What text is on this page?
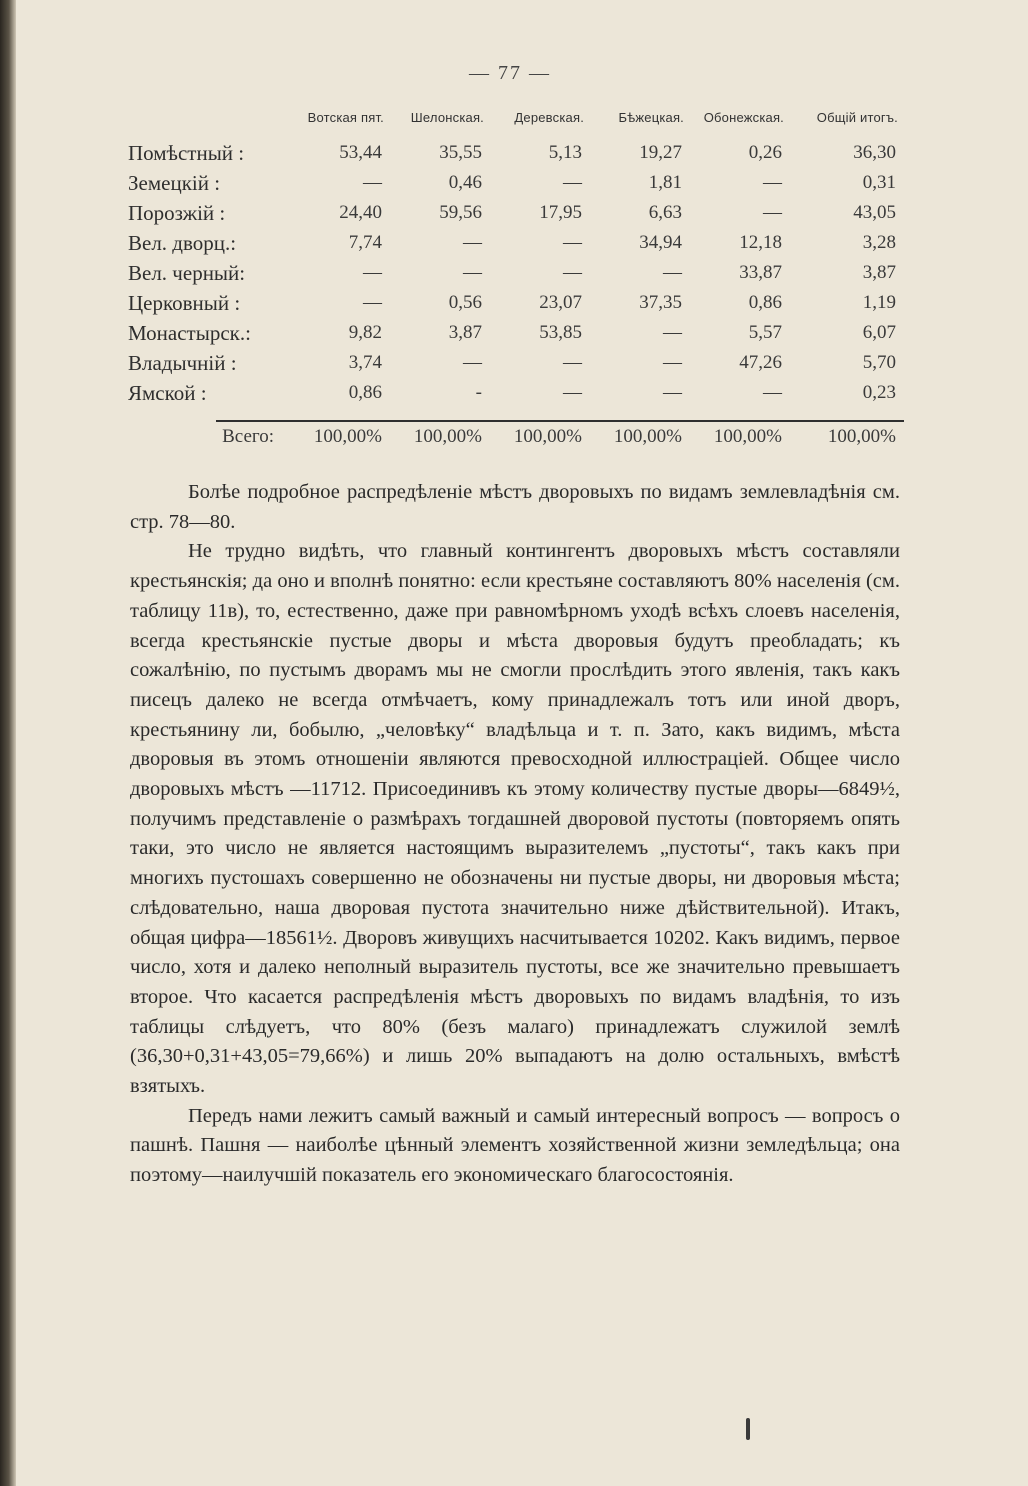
— 77 —
	Вотская пят.	Шелонская.	Деревская.	Бѣжецкая.	Обонежская.	Общій итогъ.
Помѣстный :	53,44	35,55	5,13	19,27	0,26	36,30
Земецкій :	—	0,46	—	1,81	—	0,31
Порозжій :	24,40	59,56	17,95	6,63	—	43,05
Вел. дворц.:	7,74	—	—	34,94	12,18	3,28
Вел. черный:	—	—	—	—	33,87	3,87
Церковный :	—	0,56	23,07	37,35	0,86	1,19
Монастырск.:	9,82	3,87	53,85	—	5,57	6,07
Владычній :	3,74	—	—	—	47,26	5,70
Ямской :	0,86	-	—	—	—	0,23
Всего:	100,00%	100,00%	100,00%	100,00%	100,00%	100,00%

Болѣе подробное распредѣленіе мѣстъ дворовыхъ по видамъ землевладѣнія см. стр. 78—80.

Не трудно видѣть, что главный контингентъ дворовыхъ мѣстъ составляли крестьянскія; да оно и вполнѣ понятно: если крестьяне составляютъ 80% населенія (см. таблицу 11в), то, естественно, даже при равномѣрномъ уходѣ всѣхъ слоевъ населенія, всегда крестьянскіе пустые дворы и мѣста дворовыя будутъ преобладать; къ сожалѣнію, по пустымъ дворамъ мы не смогли прослѣдить этого явленія, такъ какъ писецъ далеко не всегда отмѣчаетъ, кому принадлежалъ тотъ или иной дворъ, крестьянину ли, бобылю, „человѣку“ владѣльца и т. п. Зато, какъ видимъ, мѣста дворовыя въ этомъ отношеніи являются превосходной иллюстраціей. Общее число дворовыхъ мѣстъ —11712. Присоединивъ къ этому количеству пустые дворы—6849½, получимъ представленіе о размѣрахъ тогдашней дворовой пустоты (повторяемъ опять таки, это число не является настоящимъ выразителемъ „пустоты“, такъ какъ при многихъ пустошахъ совершенно не обозначены ни пустые дворы, ни дворовыя мѣста; слѣдовательно, наша дворовая пустота значительно ниже дѣйствительной). Итакъ, общая цифра—18561½. Дворовъ живущихъ насчитывается 10202. Какъ видимъ, первое число, хотя и далеко неполный выразитель пустоты, все же значительно превышаетъ второе. Что касается распредѣленія мѣстъ дворовыхъ по видамъ владѣнія, то изъ таблицы слѣдуетъ, что 80% (безъ малаго) принадлежатъ служилой землѣ (36,30+0,31+43,05=79,66%) и лишь 20% выпадаютъ на долю остальныхъ, вмѣстѣ взятыхъ.

Передъ нами лежитъ самый важный и самый интересный вопросъ — вопросъ о пашнѣ. Пашня — наиболѣе цѣнный элементъ хозяйственной жизни земледѣльца; она поэтому—наилучшій показатель его экономическаго благосостоянія.
